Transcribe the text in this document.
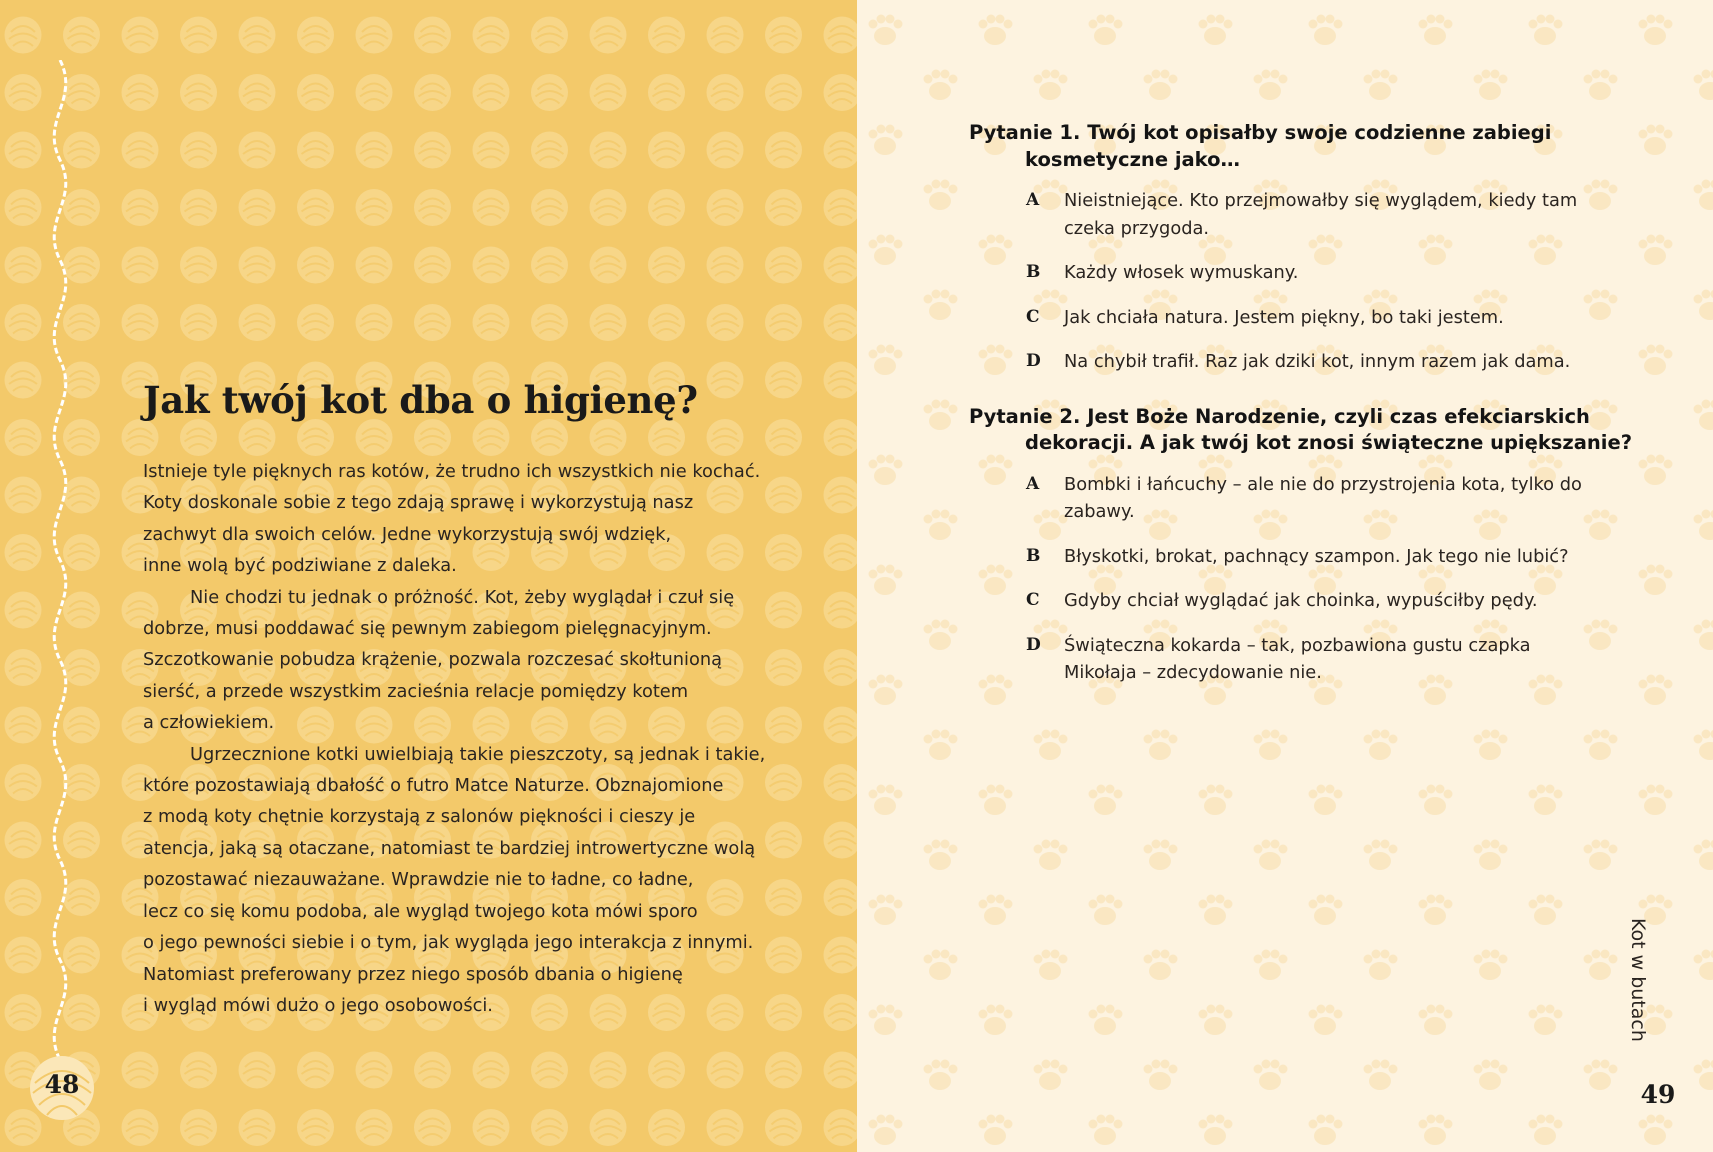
Jak twój kot dba o higienę?

Istnieje tyle pięknych ras kotów, że trudno ich wszystkich nie kochać.
Koty doskonale sobie z tego zdają sprawę i wykorzystują nasz
zachwyt dla swoich celów. Jedne wykorzystują swój wdzięk,
inne wolą być podziwiane z daleka.

Nie chodzi tu jednak o próżność. Kot, żeby wyglądał i czuł się
dobrze, musi poddawać się pewnym zabiegom pielęgnacyjnym.
Szczotkowanie pobudza krążenie, pozwala rozczesać skołtunioną
sierść, a przede wszystkim zacieśnia relacje pomiędzy kotem
a człowiekiem.

Ugrzecznione kotki uwielbiają takie pieszczoty, są jednak i takie,
które pozostawiają dbałość o futro Matce Naturze. Obznajomione
z modą koty chętnie korzystają z salonów piękności i cieszy je
atencja, jaką są otaczane, natomiast te bardziej introwertyczne wolą
pozostawać niezauważane. Wprawdzie nie to ładne, co ładne,
lecz co się komu podoba, ale wygląd twojego kota mówi sporo
o jego pewności siebie i o tym, jak wygląda jego interakcja z innymi.
Natomiast preferowany przez niego sposób dbania o higienę
i wygląd mówi dużo o jego osobowości.

48

Pytanie 1. Twój kot opisałby swoje codzienne zabiegi kosmetyczne jako…

A	Nieistniejące. Kto przejmowałby się wyglądem, kiedy tam czeka przygoda.
B	Każdy włosek wymuskany.
C	Jak chciała natura. Jestem piękny, bo taki jestem.
D	Na chybił trafił. Raz jak dziki kot, innym razem jak dama.

Pytanie 2. Jest Boże Narodzenie, czyli czas efekciarskich dekoracji. A jak twój kot znosi świąteczne upiększanie?

A	Bombki i łańcuchy – ale nie do przystrojenia kota, tylko do zabawy.
B	Błyskotki, brokat, pachnący szampon. Jak tego nie lubić?
C	Gdyby chciał wyglądać jak choinka, wypuściłby pędy.
D	Świąteczna kokarda – tak, pozbawiona gustu czapka Mikołaja – zdecydowanie nie.
Kot w butach
49
